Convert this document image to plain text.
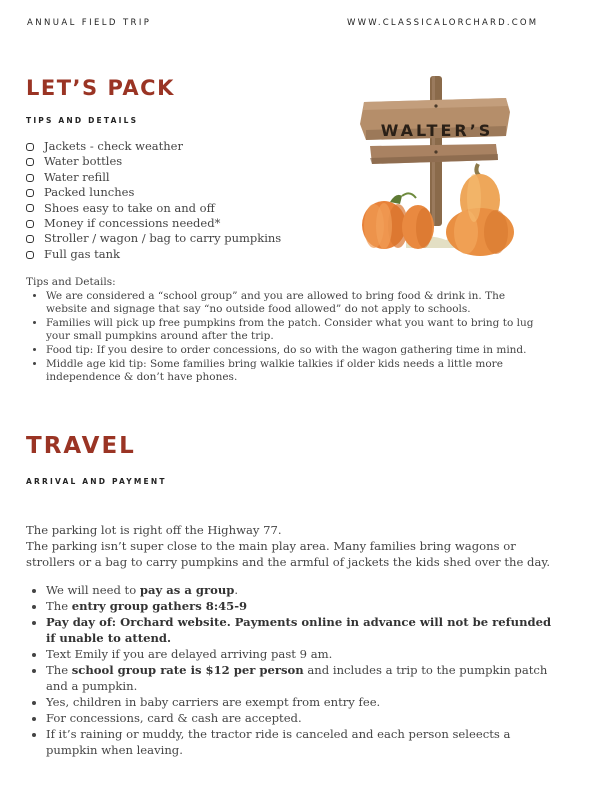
ANNUAL FIELD TRIP	WWW.CLASSICALORCHARD.COM
LET’S PACK
TIPS AND DETAILS
Jackets - check weather
Water bottles
Water refill
Packed lunches
Shoes easy to take on and off
Money if concessions needed*
Stroller / wagon / bag to carry pumpkins
Full gas tank
WALTER’S
Tips and Details:
• We are considered a “school group” and you are allowed to bring food & drink in. The website and signage that say “no outside food allowed” do not apply to schools.
• Families will pick up free pumpkins from the patch. Consider what you want to bring to lug your small pumpkins around after the trip.
• Food tip: If you desire to order concessions, do so with the wagon gathering time in mind.
• Middle age kid tip: Some families bring walkie talkies if older kids needs a little more independence & don’t have phones.
TRAVEL
ARRIVAL AND PAYMENT

The parking lot is right off the Highway 77.

The parking isn’t super close to the main play area. Many families bring wagons or strollers or a bag to carry pumpkins and the armful of jackets the kids shed over the day.

• We will need to pay as a group.
• The entry group gathers 8:45-9
• Pay day of: Orchard website. Payments online in advance will not be refunded if unable to attend.
• Text Emily if you are delayed arriving past 9 am.
• The school group rate is $12 per person and includes a trip to the pumpkin patch and a pumpkin.
• Yes, children in baby carriers are exempt from entry fee.
• For concessions, card & cash are accepted.
• If it’s raining or muddy, the tractor ride is canceled and each person seleects a pumpkin when leaving.
